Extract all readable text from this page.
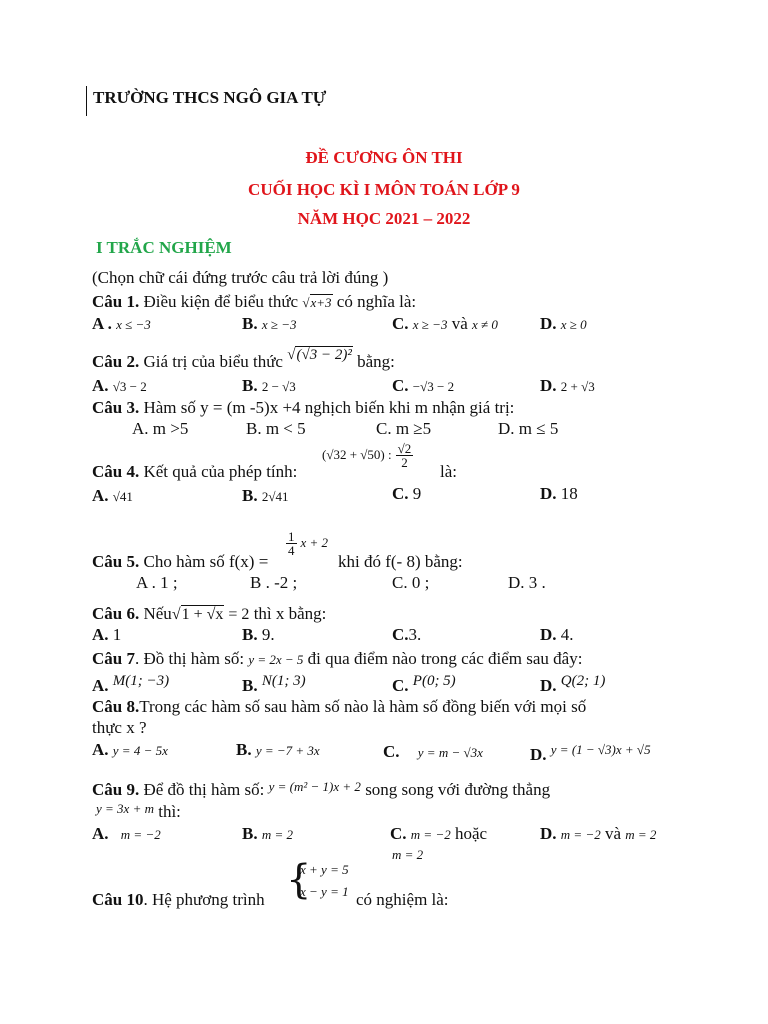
TRƯỜNG THCS NGÔ GIA TỰ
ĐỀ CƯƠNG ÔN THI
CUỐI HỌC KÌ I MÔN TOÁN LỚP 9
NĂM HỌC 2021 – 2022
I TRẮC NGHIỆM
(Chọn chữ cái đứng trước câu trả lời đúng )
Câu 1. Điều kiện để biểu thức √x+3 có nghĩa là:
A . x ≤ −3	B. x ≥ −3	C. x ≥ −3 và x ≠ 0 D. x ≥ 0
Câu 2. Giá trị của biểu thức √(√3 − 2)² bằng:
A. √3 − 2	B. 2 − √3	C. −√3 − 2	D. 2 + √3
Câu 3. Hàm số y = (m -5)x +4 nghịch biến khi m nhận giá trị:
A. m >5	B. m < 5	C. m ≥5	D. m ≤ 5
Câu 4. Kết quả của phép tính:
(√32 + √50) : $\frac{√2}{2}$
là:
A. √41	B. 2√41	C. 9	D. 18
Câu 5. Cho hàm số f(x) =
$\frac{1}{4}$ x + 2
khi đó f(- 8) bằng:
A . 1 ;	B . -2 ;	C. 0 ;	D. 3 .
Câu 6. Nếu√1 + √x = 2 thì x bằng:
A. 1	B. 9.	C.3.	D. 4.
Câu 7. Đồ thị hàm số: y = 2x − 5 đi qua điểm nào trong các điểm sau đây:
A. M(1; −3)	B. N(1; 3)	C. P(0; 5)	D. Q(2; 1)
Câu 8.Trong các hàm số sau hàm số nào là hàm số đồng biến với mọi số
thực x ?
A. y = 4 − 5x	B. y = −7 + 3x	C. y = m − √3x	D. $^{y = (1 - √3)x + √5}$
Câu 9. Để đồ thị hàm số: $^{y = (m^2 - 1)x + 2}$ song song với đường thẳng
$^{y = 3x + m}$ thì:
A. m = −2	B. m = 2	C. m = −2 hoặc
m = 2
D. m = −2 và m = 2
Câu 10. Hệ phương trình {
x + y = 5
x − y = 1 có nghiệm là:
